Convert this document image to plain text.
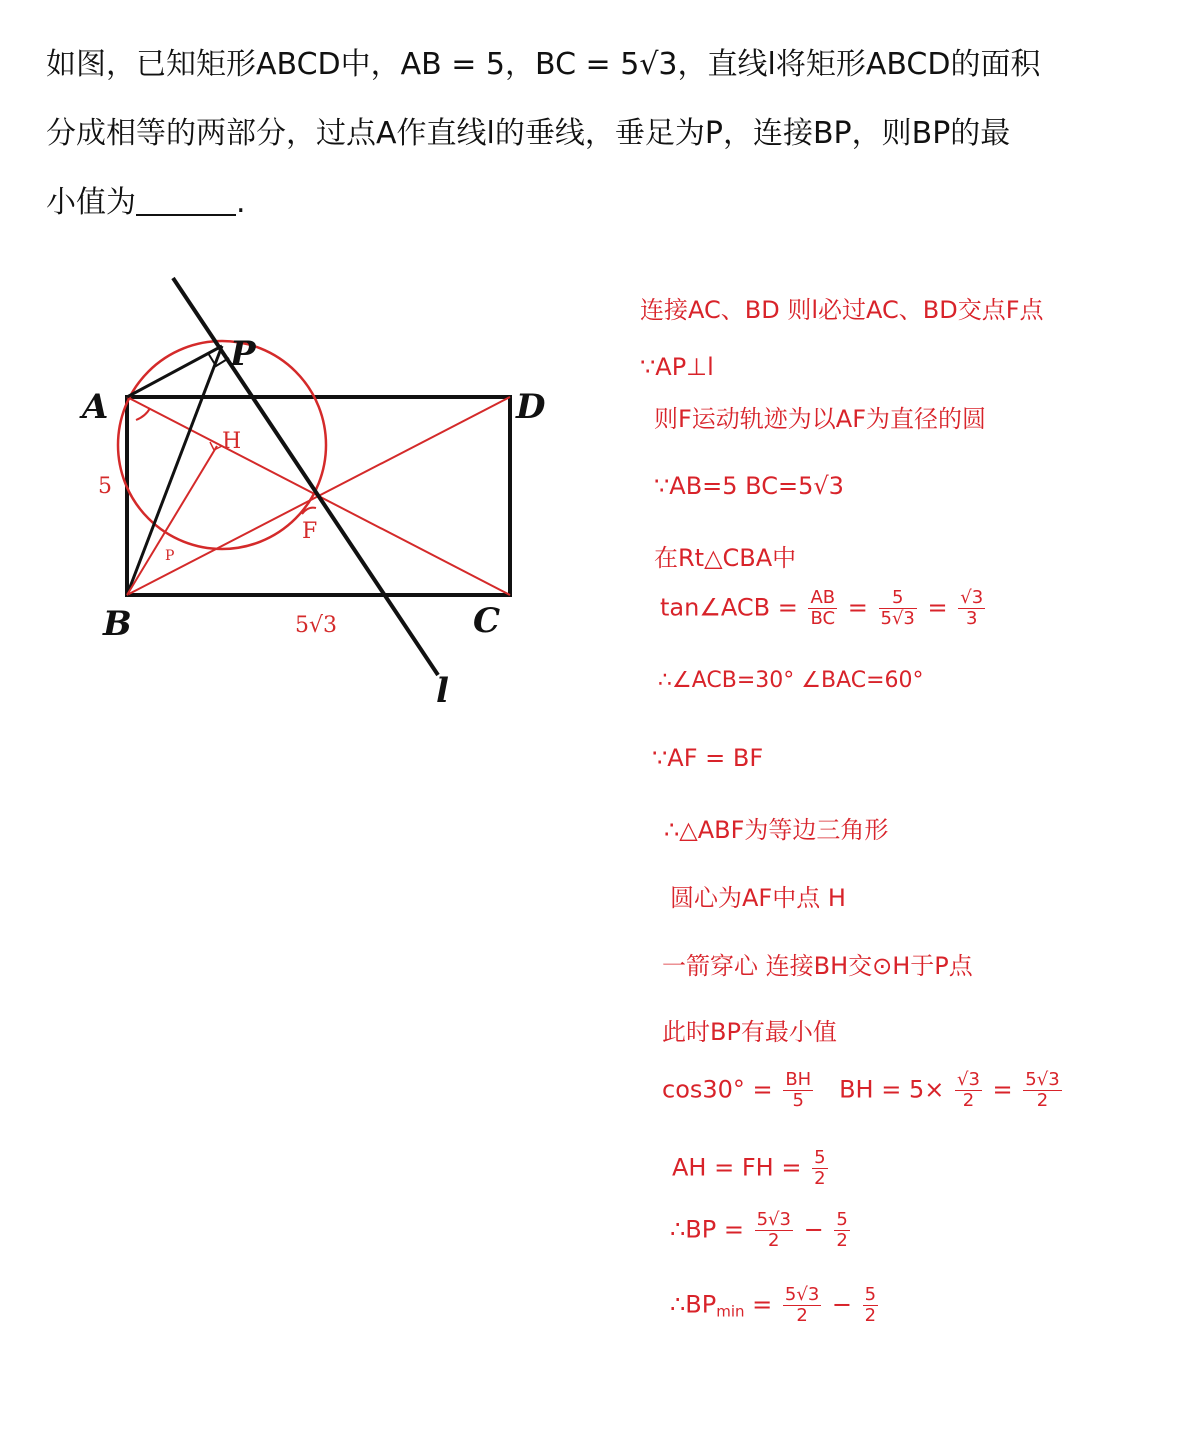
如图，已知矩形ABCD中，AB = 5，BC = 5√3，直线l将矩形ABCD的面积
分成相等的两部分，过点A作直线l的垂线，垂足为P，连接BP，则BP的最
小值为	.
A	D
B	C
P
l
H
F
P
5
5√3
连接AC、BD 则l必过AC、BD交点F点
∵AP⊥l
则F运动轨迹为以AF为直径的圆
∵AB=5 BC=5√3
在Rt△CBA中
tan∠ACB = $\frac{AB}{BC} = \frac{5}{5√3} = \frac{√3}{3}$
∴∠ACB=30° ∠BAC=60°
∵AF = BF
∴△ABF为等边三角形
圆心为AF中点 H
一箭穿心 连接BH交⊙H于P点
此时BP有最小值
$\cos 30^\circ = \frac{BH}{5}$ BH = $5\times \frac{√3}{2} = \frac{5√3}{2}$
AH = FH = $\frac{5}{2}$
∴BP = $\frac{5√3}{2} - \frac{5}{2}$
$\therefore BP_{min} = \frac{5√3}{2} - \frac{5}{2}$
